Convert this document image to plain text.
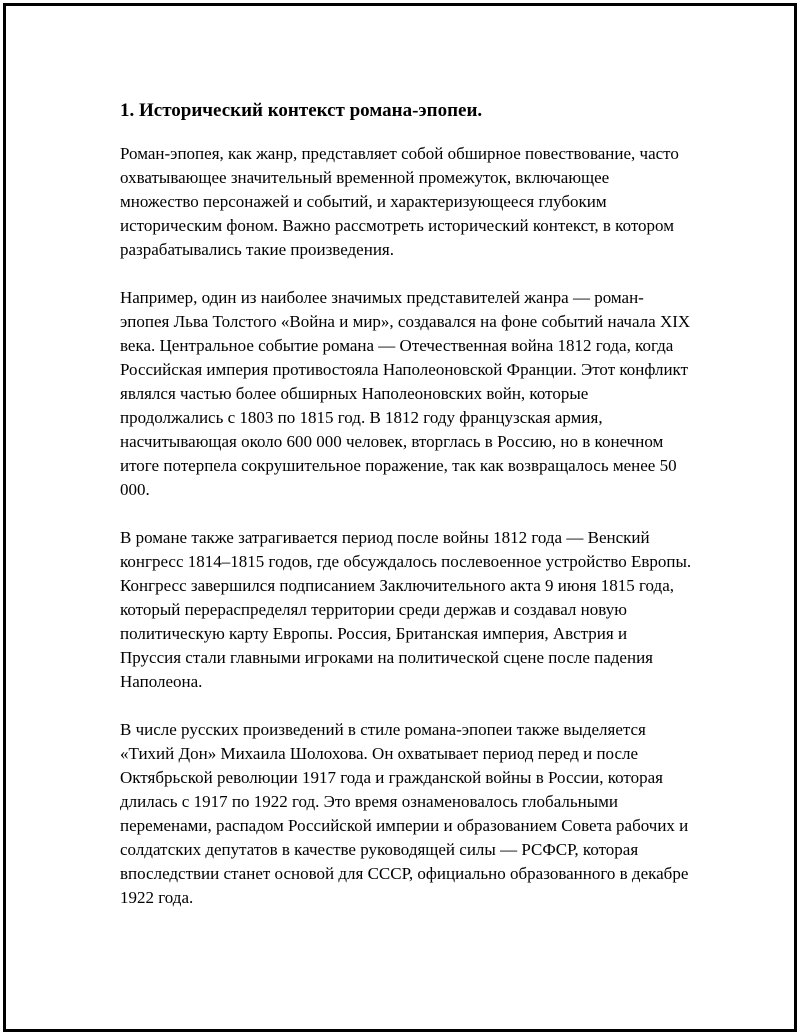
1. Исторический контекст романа-эпопеи.

Роман-эпопея, как жанр, представляет собой обширное повествование, часто охватывающее значительный временной промежуток, включающее множество персонажей и событий, и характеризующееся глубоким историческим фоном. Важно рассмотреть исторический контекст, в котором разрабатывались такие произведения.

Например, один из наиболее значимых представителей жанра — роман-эпопея Льва Толстого «Война и мир», создавался на фоне событий начала XIX века. Центральное событие романа — Отечественная война 1812 года, когда Российская империя противостояла Наполеоновской Франции. Этот конфликт являлся частью более обширных Наполеоновских войн, которые продолжались с 1803 по 1815 год. В 1812 году французская армия, насчитывающая около 600 000 человек, вторглась в Россию, но в конечном итоге потерпела сокрушительное поражение, так как возвращалось менее 50 000.

В романе также затрагивается период после войны 1812 года — Венский конгресс 1814–1815 годов, где обсуждалось послевоенное устройство Европы. Конгресс завершился подписанием Заключительного акта 9 июня 1815 года, который перераспределял территории среди держав и создавал новую политическую карту Европы. Россия, Британская империя, Австрия и Пруссия стали главными игроками на политической сцене после падения Наполеона.

В числе русских произведений в стиле романа-эпопеи также выделяется «Тихий Дон» Михаила Шолохова. Он охватывает период перед и после Октябрьской революции 1917 года и гражданской войны в России, которая длилась с 1917 по 1922 год. Это время ознаменовалось глобальными переменами, распадом Российской империи и образованием Совета рабочих и солдатских депутатов в качестве руководящей силы — РСФСР, которая впоследствии станет основой для СССР, официально образованного в декабре 1922 года.
